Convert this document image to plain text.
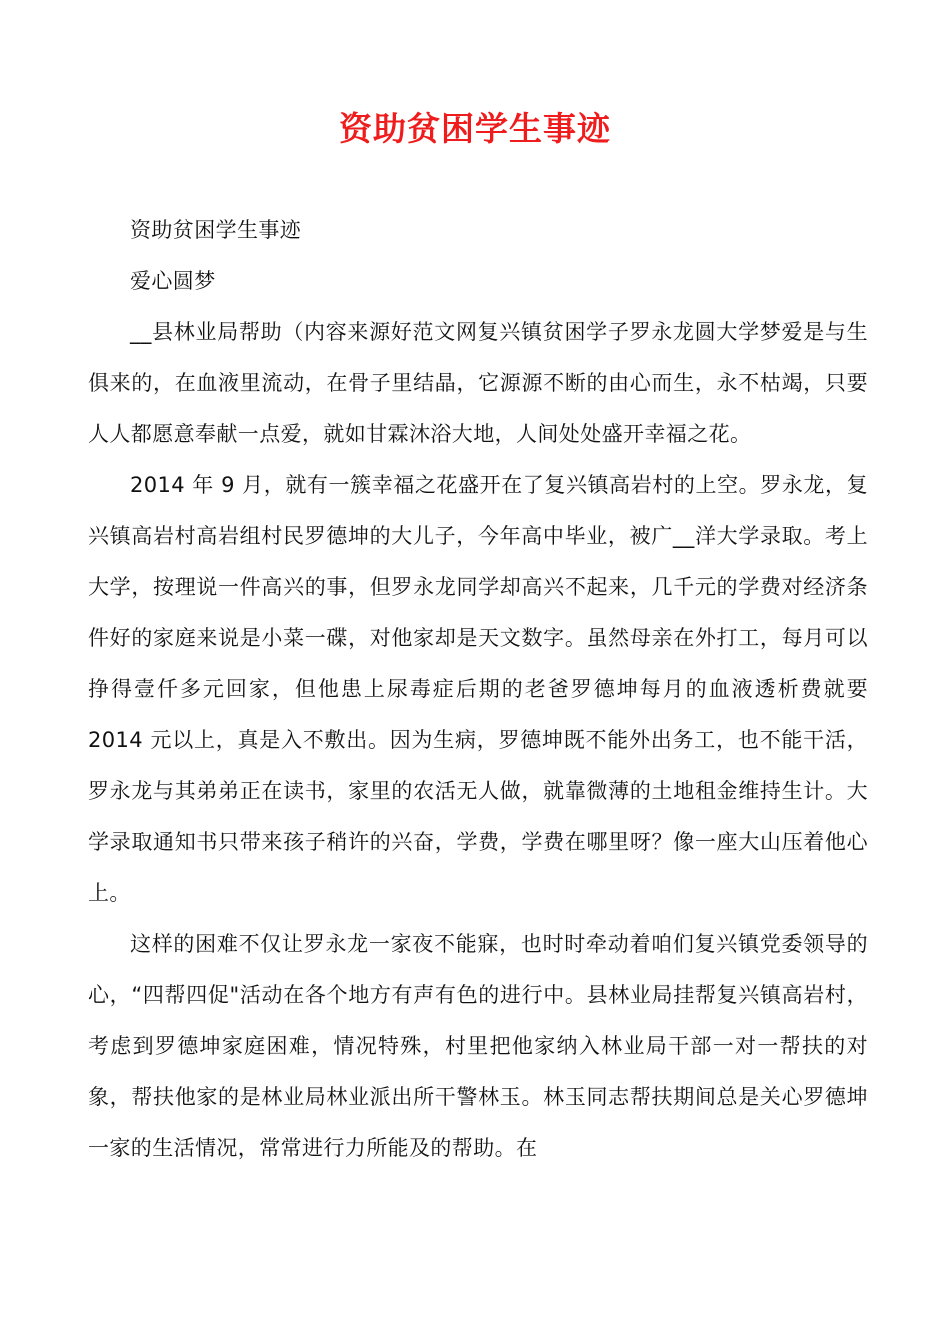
资助贫困学生事迹

资助贫困学生事迹

爱心圆梦

__县林业局帮助（内容来源好范文网复兴镇贫困学子罗永龙圆大学梦爱是与生俱来的，在血液里流动，在骨子里结晶，它源源不断的由心而生，永不枯竭，只要人人都愿意奉献一点爱，就如甘霖沐浴大地，人间处处盛开幸福之花。

2014 年 9 月，就有一簇幸福之花盛开在了复兴镇高岩村的上空。罗永龙，复兴镇高岩村高岩组村民罗德坤的大儿子，今年高中毕业，被广__洋大学录取。考上大学，按理说一件高兴的事，但罗永龙同学却高兴不起来，几千元的学费对经济条件好的家庭来说是小菜一碟，对他家却是天文数字。虽然母亲在外打工，每月可以挣得壹仟多元回家，但他患上尿毒症后期的老爸罗德坤每月的血液透析费就要 2014 元以上，真是入不敷出。因为生病，罗德坤既不能外出务工，也不能干活，罗永龙与其弟弟正在读书，家里的农活无人做，就靠微薄的土地租金维持生计。大学录取通知书只带来孩子稍许的兴奋，学费，学费在哪里呀？像一座大山压着他心上。

这样的困难不仅让罗永龙一家夜不能寐，也时时牵动着咱们复兴镇党委领导的心，“四帮四促"活动在各个地方有声有色的进行中。县林业局挂帮复兴镇高岩村，考虑到罗德坤家庭困难，情况特殊，村里把他家纳入林业局干部一对一帮扶的对象，帮扶他家的是林业局林业派出所干警林玉。林玉同志帮扶期间总是关心罗德坤一家的生活情况，常常进行力所能及的帮助。在
